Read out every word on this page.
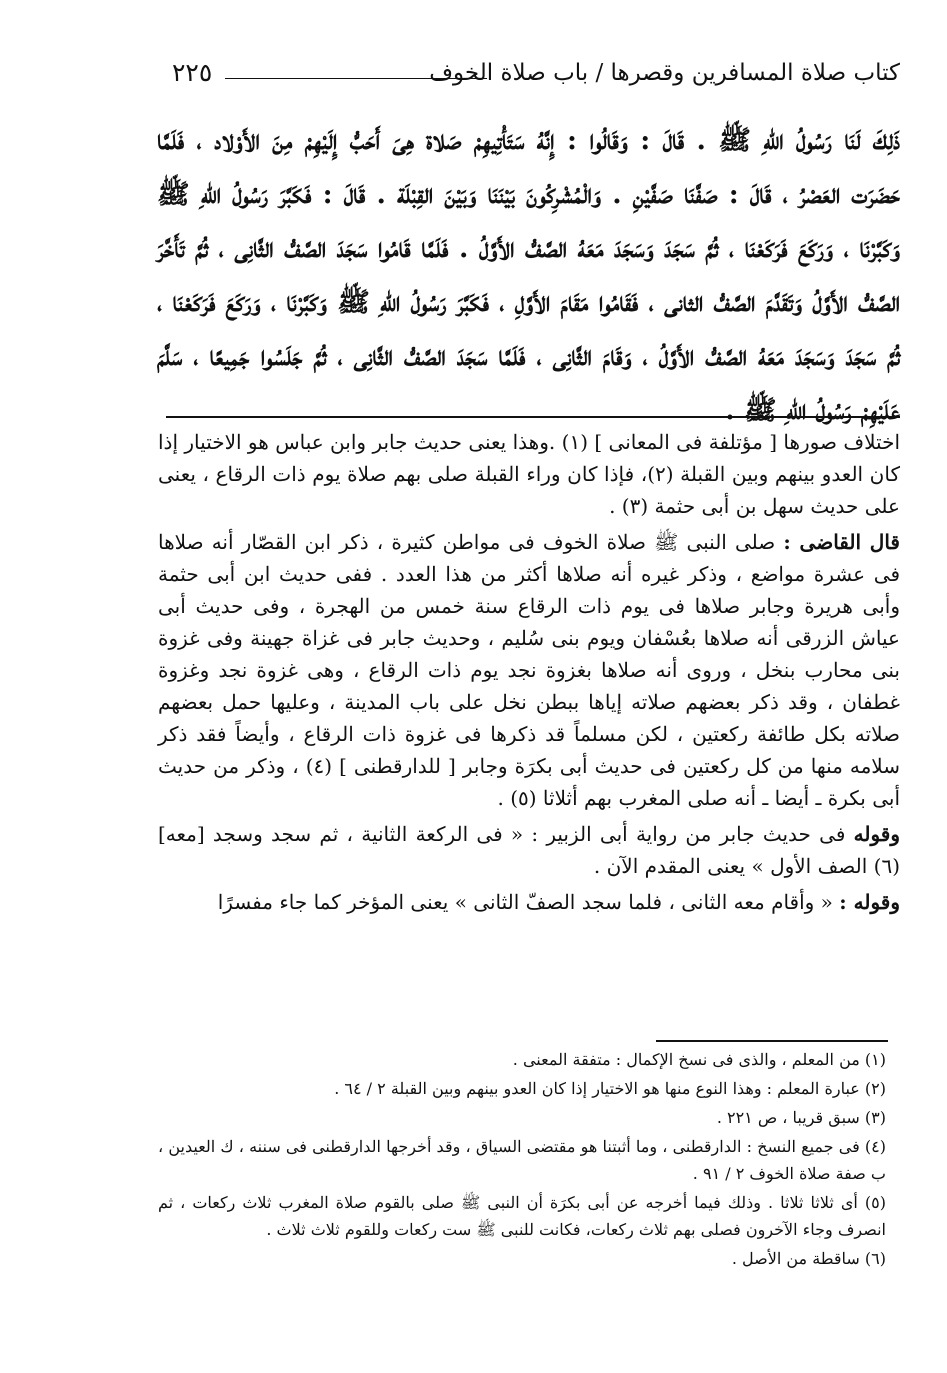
كتاب صلاة المسافرين وقصرها / باب صلاة الخوف
٢٢٥
ذَلِكَ لَنَا رَسُولُ اللهِ ﷺ . قَالَ : وَقَالُوا : إِنَّهُ سَتَأْتِيهِمْ صَلاة هِىَ أَحَبُّ إِلَيْهِمْ مِنَ الأَوْلاد ، فَلَمَّا حَضَرَت العَصْرُ ، قَالَ : صَفَّنَا صَفَّيْنِ . وَالْمُشْرِكُونَ بَيْنَنَا وَبَيْنَ القِبْلَة . قَالَ : فَكَبَّرَ رَسُولُ اللهِ ﷺ وَكَبَّرْنَا ، وَرَكَعَ فَرَكَعْنَا ، ثُمَّ سَجَدَ وَسَجَدَ مَعَهُ الصَّفُّ الأَوَّلُ . فَلَمَّا قَامُوا سَجَدَ الصَّفُّ الثَّانِى ، ثُمَّ تَأَخَّرَ الصَّفُّ الأَوَّلُ وَتَقَدَّمَ الصَّفُّ الثانى ، فَقَامُوا مَقَامَ الأَوَّلِ ، فَكَبَّرَ رَسُولُ اللهِ ﷺ وَكَبَّرْنَا ، وَرَكَعَ فَرَكَعْنَا ، ثُمَّ سَجَدَ وَسَجَدَ مَعَهُ الصَّفُّ الأَوَّلُ ، وَقَامَ الثَّانِى ، فَلَمَّا سَجَدَ الصَّفُّ الثَّانِى ، ثُمَّ جَلَسُوا جَمِيعًا ، سَلَّمَ عَلَيْهِمْ رَسُولُ اللهِ ﷺ .

اختلاف صورها [ مؤتلفة فى المعانى ] (١) .وهذا يعنى حديث جابر وابن عباس هو الاختيار إذا كان العدو بينهم وبين القبلة (٢)، فإذا كان وراء القبلة صلى بهم صلاة يوم ذات الرقاع ، يعنى على حديث سهل بن أبى حثمة (٣) .

قال القاضى : صلى النبى ﷺ صلاة الخوف فى مواطن كثيرة ، ذكر ابن القصّار أنه صلاها فى عشرة مواضع ، وذكر غيره أنه صلاها أكثر من هذا العدد . ففى حديث ابن أبى حثمة وأبى هريرة وجابر صلاها فى يوم ذات الرقاع سنة خمس من الهجرة ، وفى حديث أبى عياش الزرقى أنه صلاها بعُسْفان ويوم بنى سُليم ، وحديث جابر فى غزاة جهينة وفى غزوة بنى محارب بنخل ، وروى أنه صلاها بغزوة نجد يوم ذات الرقاع ، وهى غزوة نجد وغزوة غطفان ، وقد ذكر بعضهم صلاته إياها ببطن نخل على باب المدينة ، وعليها حمل بعضهم صلاته بكل طائفة ركعتين ، لكن مسلماً قد ذكرها فى غزوة ذات الرقاع ، وأيضاً فقد ذكر سلامه منها من كل ركعتين فى حديث أبى بكرَة وجابر [ للدارقطنى ] (٤) ، وذكر من حديث أبى بكرة ـ أيضا ـ أنه صلى المغرب بهم أثلاثا (٥) .

وقوله فى حديث جابر من رواية أبى الزبير : « فى الركعة الثانية ، ثم سجد وسجد [معه] (٦) الصف الأول » يعنى المقدم الآن .

وقوله : « وأقام معه الثانى ، فلما سجد الصفّ الثانى » يعنى المؤخر كما جاء مفسرًا

(١) من المعلم ، والذى فى نسخ الإكمال : متفقة المعنى .

(٢) عبارة المعلم : وهذا النوع منها هو الاختيار إذا كان العدو بينهم وبين القبلة ٢ / ٦٤ .

(٣) سبق قريبا ، ص ٢٢١ .

(٤) فى جميع النسخ : الدارقطنى ، وما أثبتنا هو مقتضى السياق ، وقد أخرجها الدارقطنى فى سننه ، ك العيدين ، ب صفة صلاة الخوف ٢ / ٩١ .

(٥) أى ثلاثا ثلاثا . وذلك فيما أخرجه عن أبى بكرَة أن النبى ﷺ صلى بالقوم صلاة المغرب ثلاث ركعات ، ثم انصرف وجاء الآخرون فصلى بهم ثلاث ركعات، فكانت للنبى ﷺ ست ركعات وللقوم ثلاث ثلاث .

(٦) ساقطة من الأصل .
